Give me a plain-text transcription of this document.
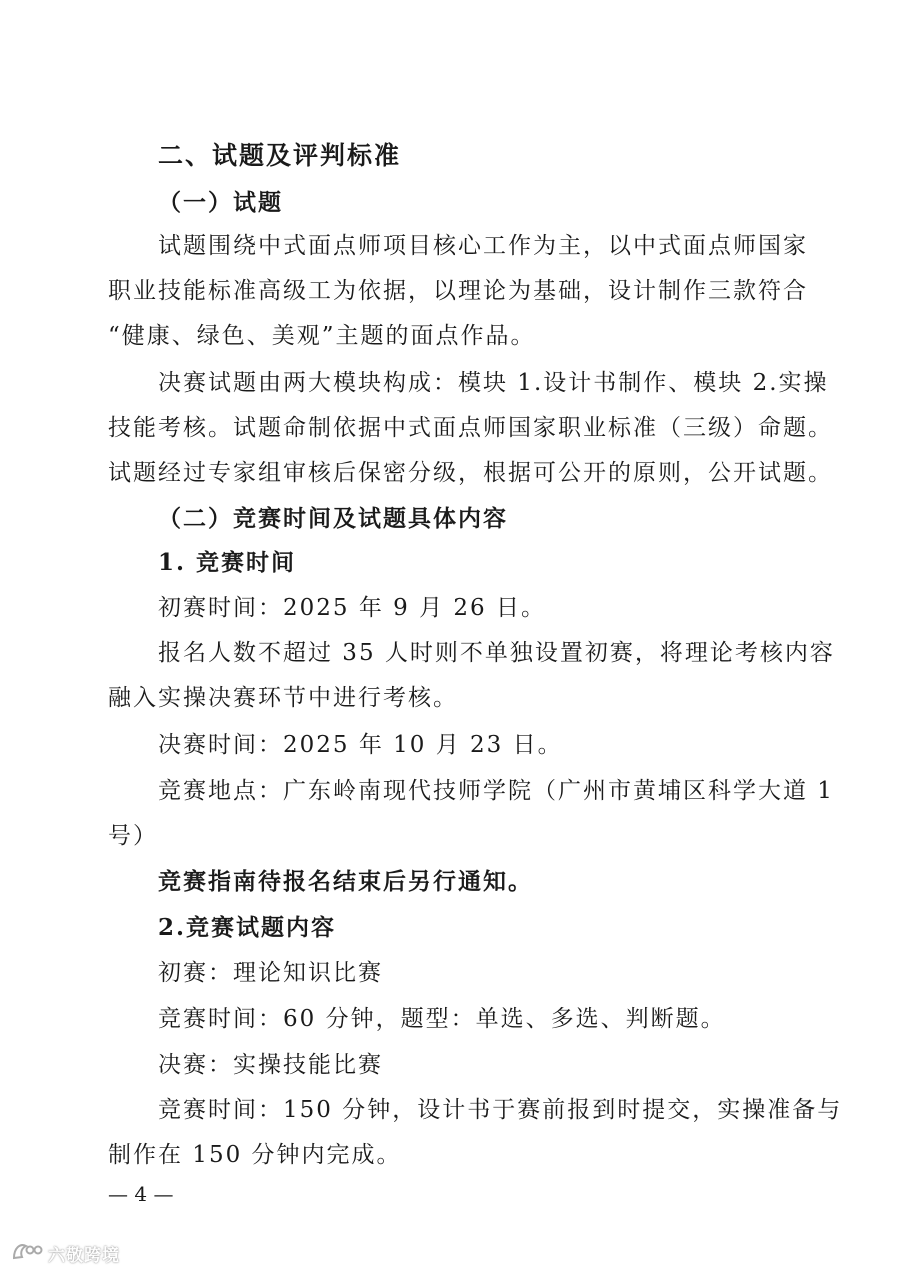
二、试题及评判标准
（一）试题
试题围绕中式面点师项目核心工作为主，以中式面点师国家
职业技能标准高级工为依据，以理论为基础，设计制作三款符合
“健康、绿色、美观”主题的面点作品。
决赛试题由两大模块构成：模块 1.设计书制作、模块 2.实操
技能考核。试题命制依据中式面点师国家职业标准（三级）命题。
试题经过专家组审核后保密分级，根据可公开的原则，公开试题。
（二）竞赛时间及试题具体内容
1. 竞赛时间
初赛时间：2025 年 9 月 26 日。
报名人数不超过 35 人时则不单独设置初赛，将理论考核内容
融入实操决赛环节中进行考核。
决赛时间：2025 年 10 月 23 日。
竞赛地点：广东岭南现代技师学院（广州市黄埔区科学大道 1
号）
竞赛指南待报名结束后另行通知。
2.竞赛试题内容
初赛：理论知识比赛
竞赛时间：60 分钟，题型：单选、多选、判断题。
决赛：实操技能比赛
竞赛时间：150 分钟，设计书于赛前报到时提交，实操准备与
制作在 150 分钟内完成。
— 4 —
六敬跨境
